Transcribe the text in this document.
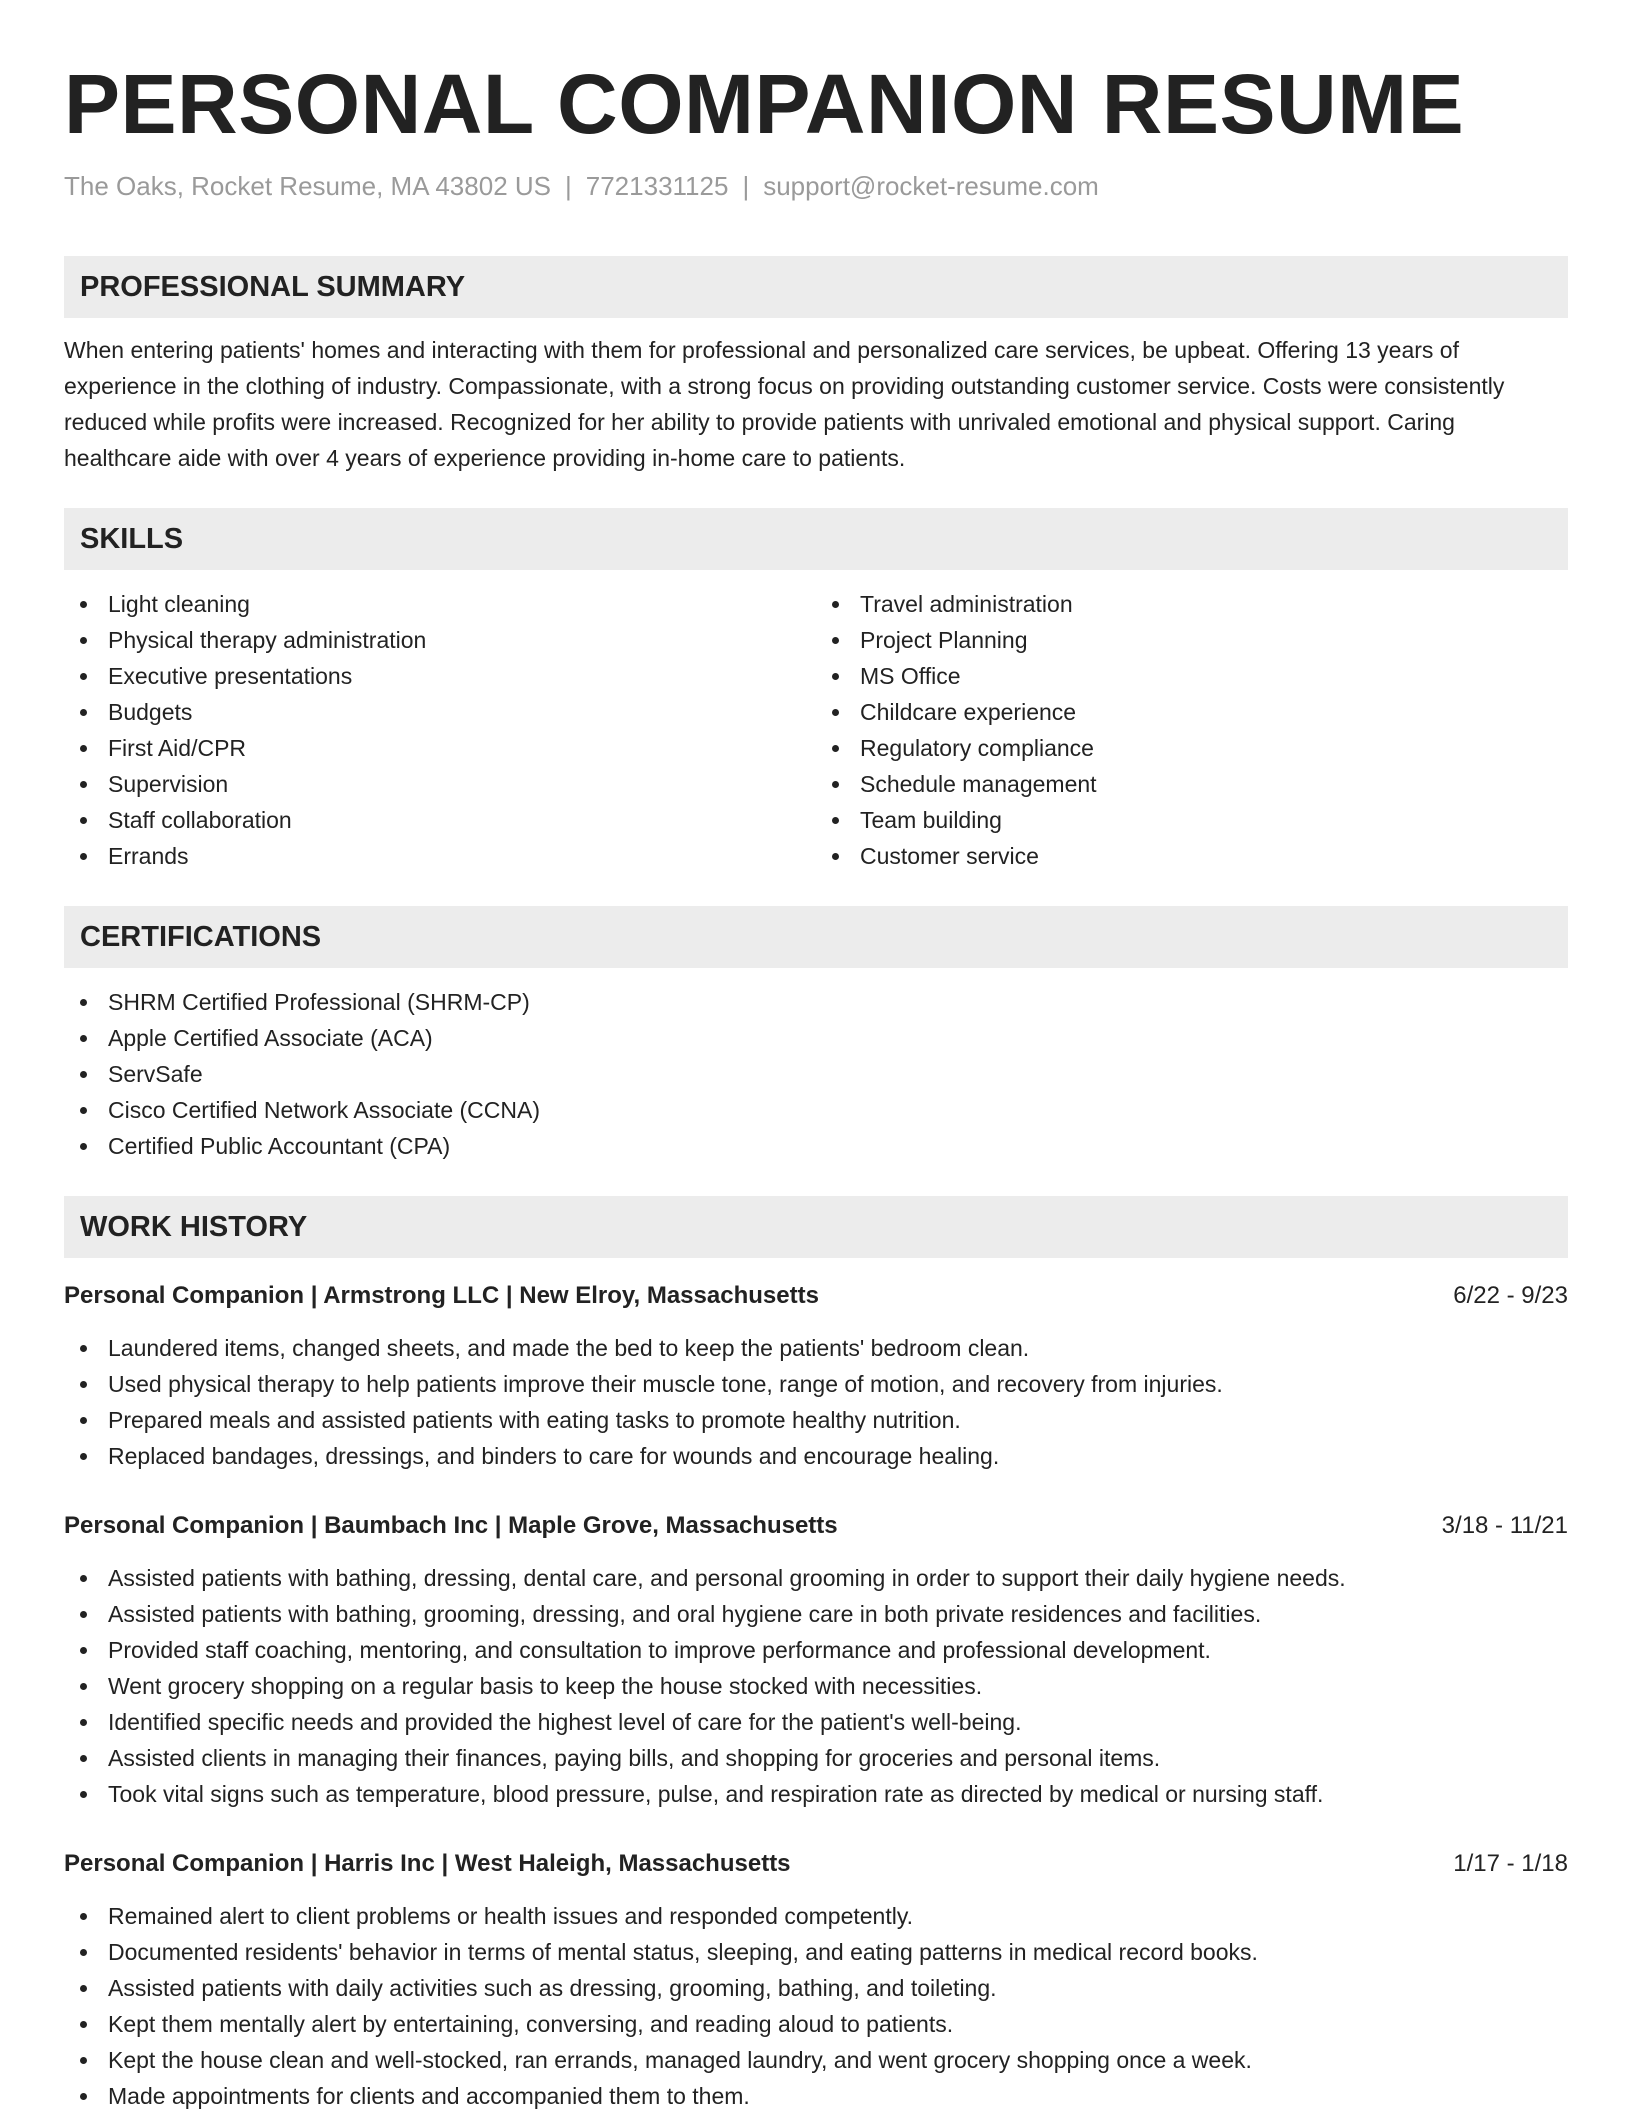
PERSONAL COMPANION RESUME
The Oaks, Rocket Resume, MA 43802 US | 7721331125 | support@rocket-resume.com
PROFESSIONAL SUMMARY
When entering patients' homes and interacting with them for professional and personalized care services, be upbeat. Offering 13 years of experience in the clothing of industry. Compassionate, with a strong focus on providing outstanding customer service. Costs were consistently reduced while profits were increased. Recognized for her ability to provide patients with unrivaled emotional and physical support. Caring healthcare aide with over 4 years of experience providing in-home care to patients.
SKILLS
Light cleaning
Physical therapy administration
Executive presentations
Budgets
First Aid/CPR
Supervision
Staff collaboration
Errands
Travel administration
Project Planning
MS Office
Childcare experience
Regulatory compliance
Schedule management
Team building
Customer service
CERTIFICATIONS
SHRM Certified Professional (SHRM-CP)
Apple Certified Associate (ACA)
ServSafe
Cisco Certified Network Associate (CCNA)
Certified Public Accountant (CPA)
WORK HISTORY
Personal Companion | Armstrong LLC | New Elroy, Massachusetts	6/22 - 9/23
Laundered items, changed sheets, and made the bed to keep the patients' bedroom clean.
Used physical therapy to help patients improve their muscle tone, range of motion, and recovery from injuries.
Prepared meals and assisted patients with eating tasks to promote healthy nutrition.
Replaced bandages, dressings, and binders to care for wounds and encourage healing.
Personal Companion | Baumbach Inc | Maple Grove, Massachusetts	3/18 - 11/21
Assisted patients with bathing, dressing, dental care, and personal grooming in order to support their daily hygiene needs.
Assisted patients with bathing, grooming, dressing, and oral hygiene care in both private residences and facilities.
Provided staff coaching, mentoring, and consultation to improve performance and professional development.
Went grocery shopping on a regular basis to keep the house stocked with necessities.
Identified specific needs and provided the highest level of care for the patient's well-being.
Assisted clients in managing their finances, paying bills, and shopping for groceries and personal items.
Took vital signs such as temperature, blood pressure, pulse, and respiration rate as directed by medical or nursing staff.
Personal Companion | Harris Inc | West Haleigh, Massachusetts	1/17 - 1/18
Remained alert to client problems or health issues and responded competently.
Documented residents' behavior in terms of mental status, sleeping, and eating patterns in medical record books.
Assisted patients with daily activities such as dressing, grooming, bathing, and toileting.
Kept them mentally alert by entertaining, conversing, and reading aloud to patients.
Kept the house clean and well-stocked, ran errands, managed laundry, and went grocery shopping once a week.
Made appointments for clients and accompanied them to them.
